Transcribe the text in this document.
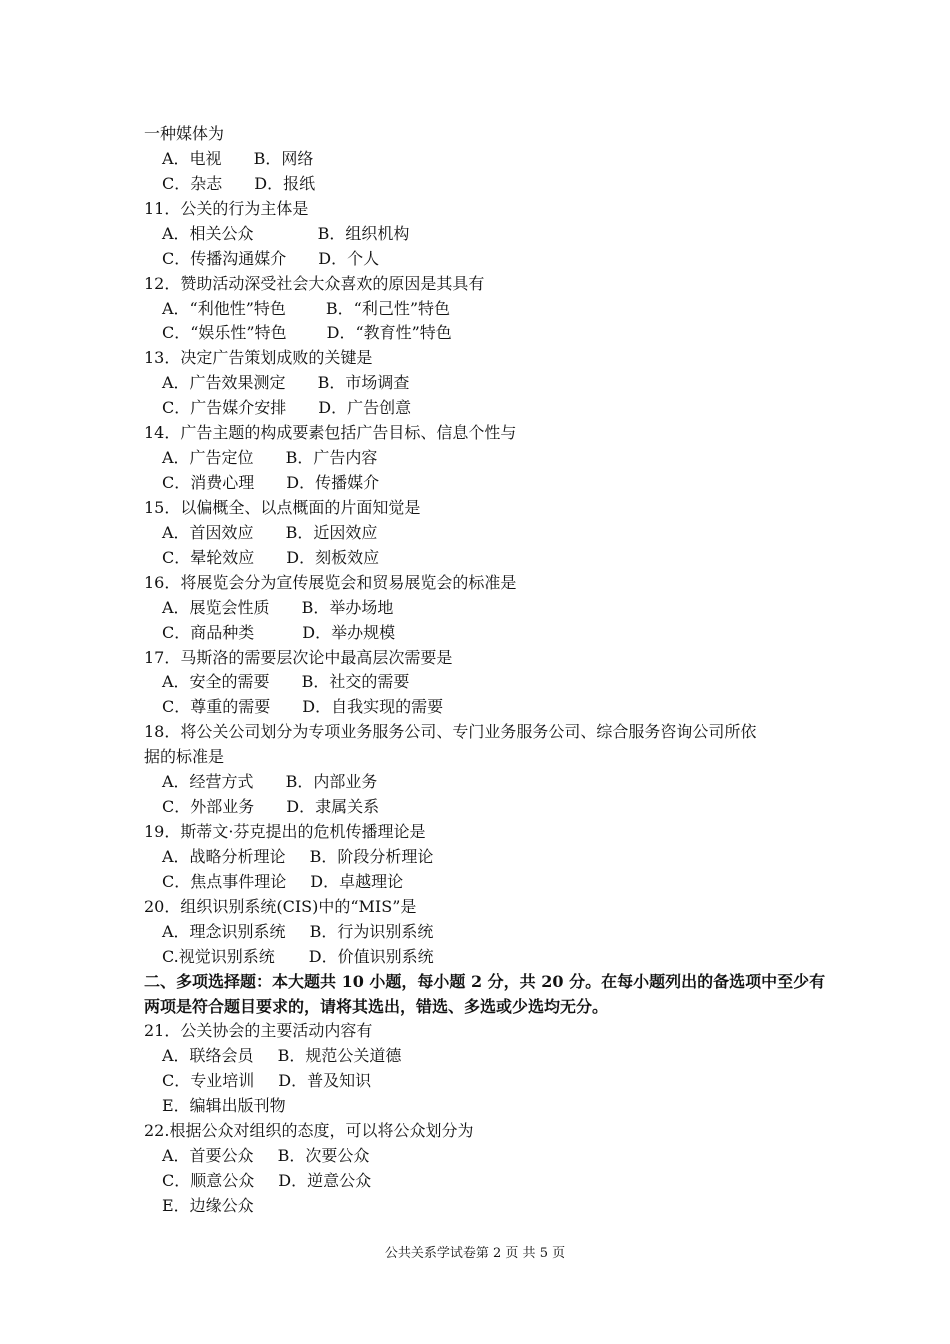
一种媒体为
A．电视 B．网络
C．杂志 D．报纸
11．公关的行为主体是
A．相关公众	B．组织机构
C．传播沟通媒介 D．个人
12．赞助活动深受社会大众喜欢的原因是其具有
A．“利他性”特色	B．“利己性”特色
C．“娱乐性”特色	D．“教育性”特色
13．决定广告策划成败的关键是
A．广告效果测定 B．市场调查
C．广告媒介安排 D．广告创意
14．广告主题的构成要素包括广告目标、信息个性与
A．广告定位 B．广告内容
C．消费心理 D．传播媒介
15．以偏概全、以点概面的片面知觉是
A．首因效应 B．近因效应
C．晕轮效应 D．刻板效应
16．将展览会分为宣传展览会和贸易展览会的标准是
A．展览会性质 B．举办场地
C．商品种类	D．举办规模
17．马斯洛的需要层次论中最高层次需要是
A．安全的需要 B．社交的需要
C．尊重的需要 D．自我实现的需要
18．将公关公司划分为专项业务服务公司、专门业务服务公司、综合服务咨询公司所依
据的标准是
A．经营方式 B．内部业务
C．外部业务 D．隶属关系
19．斯蒂文·芬克提出的危机传播理论是
A．战略分析理论 B．阶段分析理论
C．焦点事件理论 D．卓越理论
20．组织识别系统(CIS)中的“MIS”是
A．理念识别系统 B．行为识别系统
C.视觉识别系统 D．价值识别系统
二、多项选择题：本大题共 10 小题，每小题 2 分，共 20 分。在每小题列出的备选项中至少有
两项是符合题目要求的，请将其选出，错选、多选或少选均无分。
21．公关协会的主要活动内容有
A．联络会员 B．规范公关道德
C．专业培训 D．普及知识
E．编辑出版刊物
22.根据公众对组织的态度，可以将公众划分为
A．首要公众 B．次要公众
C．顺意公众 D．逆意公众
E．边缘公众
公共关系学试卷第 2 页 共 5 页
